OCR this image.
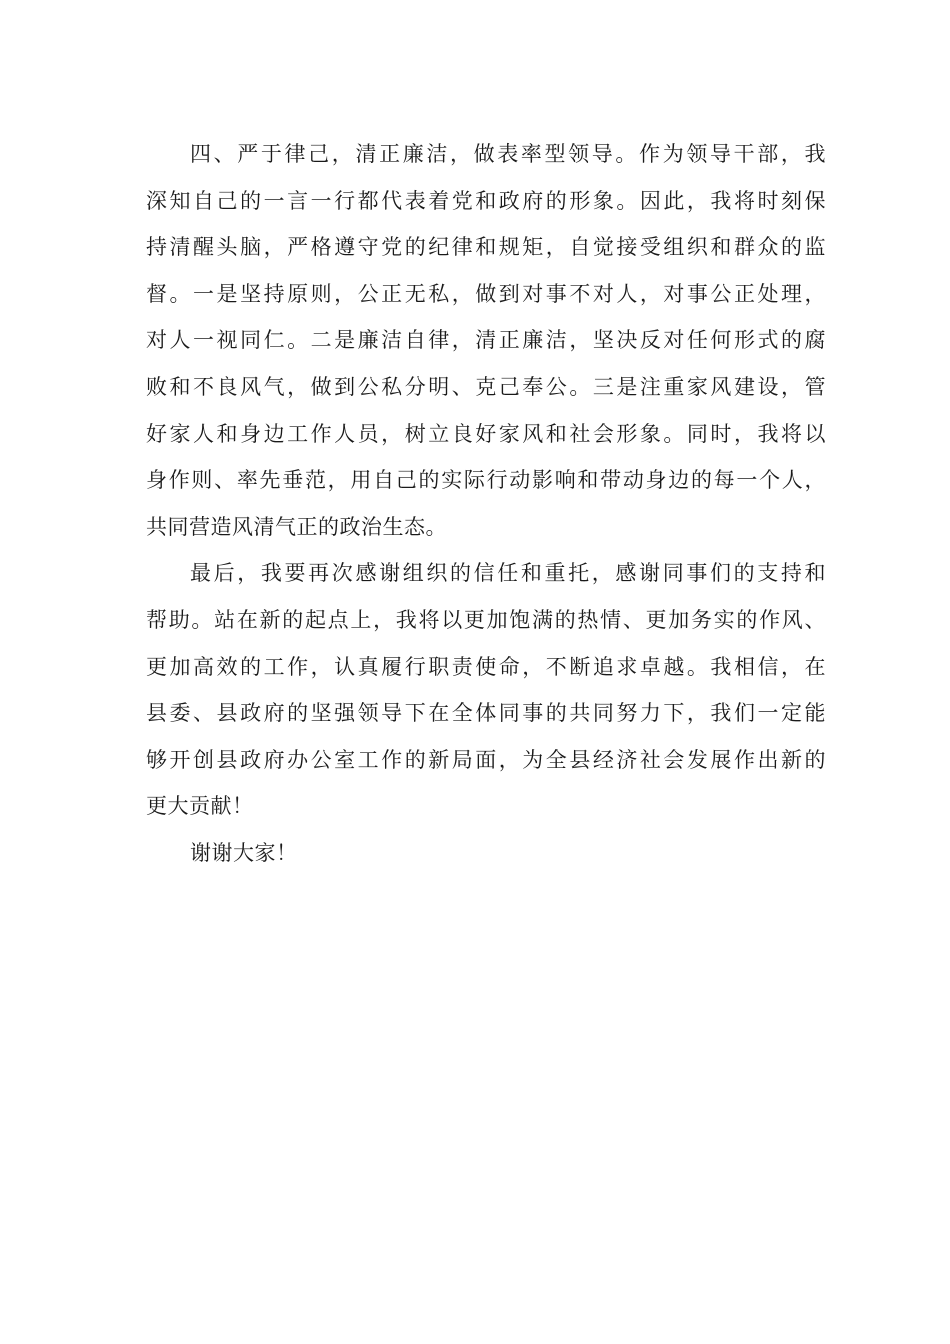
四、严于律己，清正廉洁，做表率型领导。作为领导干部，我
深知自己的一言一行都代表着党和政府的形象。因此，我将时刻保
持清醒头脑，严格遵守党的纪律和规矩，自觉接受组织和群众的监
督。一是坚持原则，公正无私，做到对事不对人，对事公正处理，
对人一视同仁。二是廉洁自律，清正廉洁，坚决反对任何形式的腐
败和不良风气，做到公私分明、克己奉公。三是注重家风建设，管
好家人和身边工作人员，树立良好家风和社会形象。同时，我将以
身作则、率先垂范，用自己的实际行动影响和带动身边的每一个人，
共同营造风清气正的政治生态。
最后，我要再次感谢组织的信任和重托，感谢同事们的支持和
帮助。站在新的起点上，我将以更加饱满的热情、更加务实的作风、
更加高效的工作，认真履行职责使命，不断追求卓越。我相信，在
县委、县政府的坚强领导下在全体同事的共同努力下，我们一定能
够开创县政府办公室工作的新局面，为全县经济社会发展作出新的
更大贡献！
谢谢大家！
